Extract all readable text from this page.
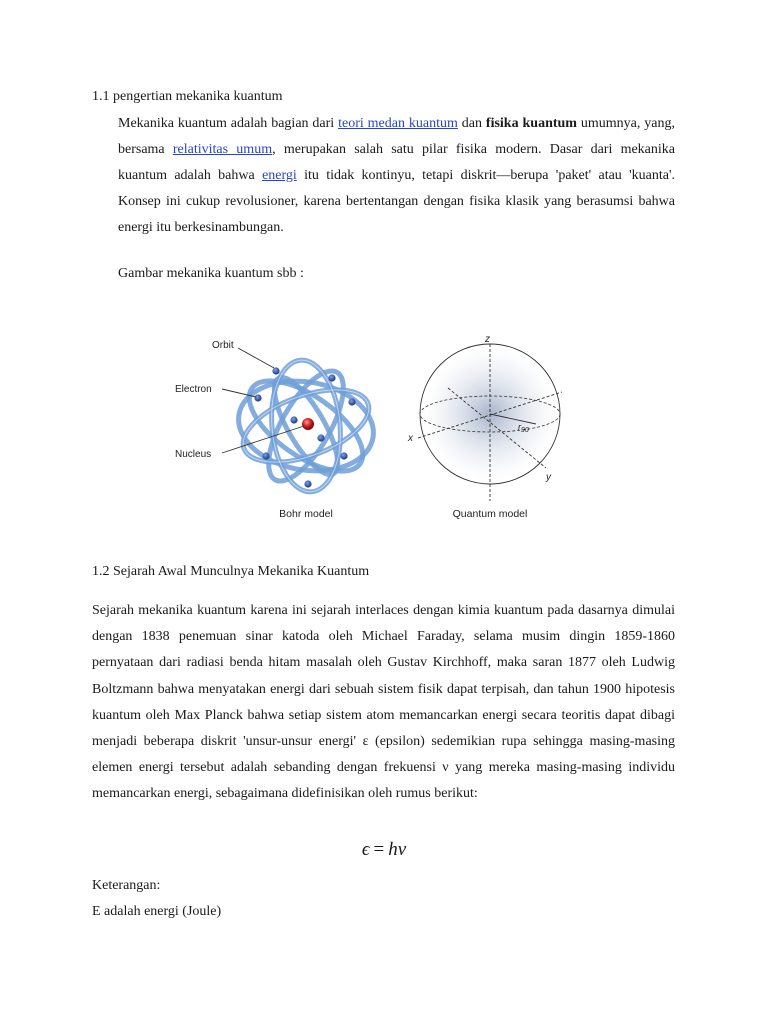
1.1 pengertian mekanika kuantum

Mekanika kuantum adalah bagian dari teori medan kuantum dan fisika kuantum umumnya, yang, bersama relativitas umum, merupakan salah satu pilar fisika modern. Dasar dari mekanika kuantum adalah bahwa energi itu tidak kontinyu, tetapi diskrit—berupa 'paket' atau 'kuanta'. Konsep ini cukup revolusioner, karena bertentangan dengan fisika klasik yang berasumsi bahwa energi itu berkesinambungan.

Gambar mekanika kuantum sbb :

Orbit
Electron
Nucleus
Bohr model
z
x
y
$r_{90}$
Quantum model
1.2 Sejarah Awal Munculnya Mekanika Kuantum

Sejarah mekanika kuantum karena ini sejarah interlaces dengan kimia kuantum pada dasarnya dimulai dengan 1838 penemuan sinar katoda oleh Michael Faraday, selama musim dingin 1859-1860 pernyataan dari radiasi benda hitam masalah oleh Gustav Kirchhoff, maka saran 1877 oleh Ludwig Boltzmann bahwa menyatakan energi dari sebuah sistem fisik dapat terpisah, dan tahun 1900 hipotesis kuantum oleh Max Planck bahwa setiap sistem atom memancarkan energi secara teoritis dapat dibagi menjadi beberapa diskrit 'unsur-unsur energi' ε (epsilon) sedemikian rupa sehingga masing-masing elemen energi tersebut adalah sebanding dengan frekuensi ν yang mereka masing-masing individu memancarkan energi, sebagaimana didefinisikan oleh rumus berikut:

ϵ = hν

Keterangan:

E adalah energi (Joule)
